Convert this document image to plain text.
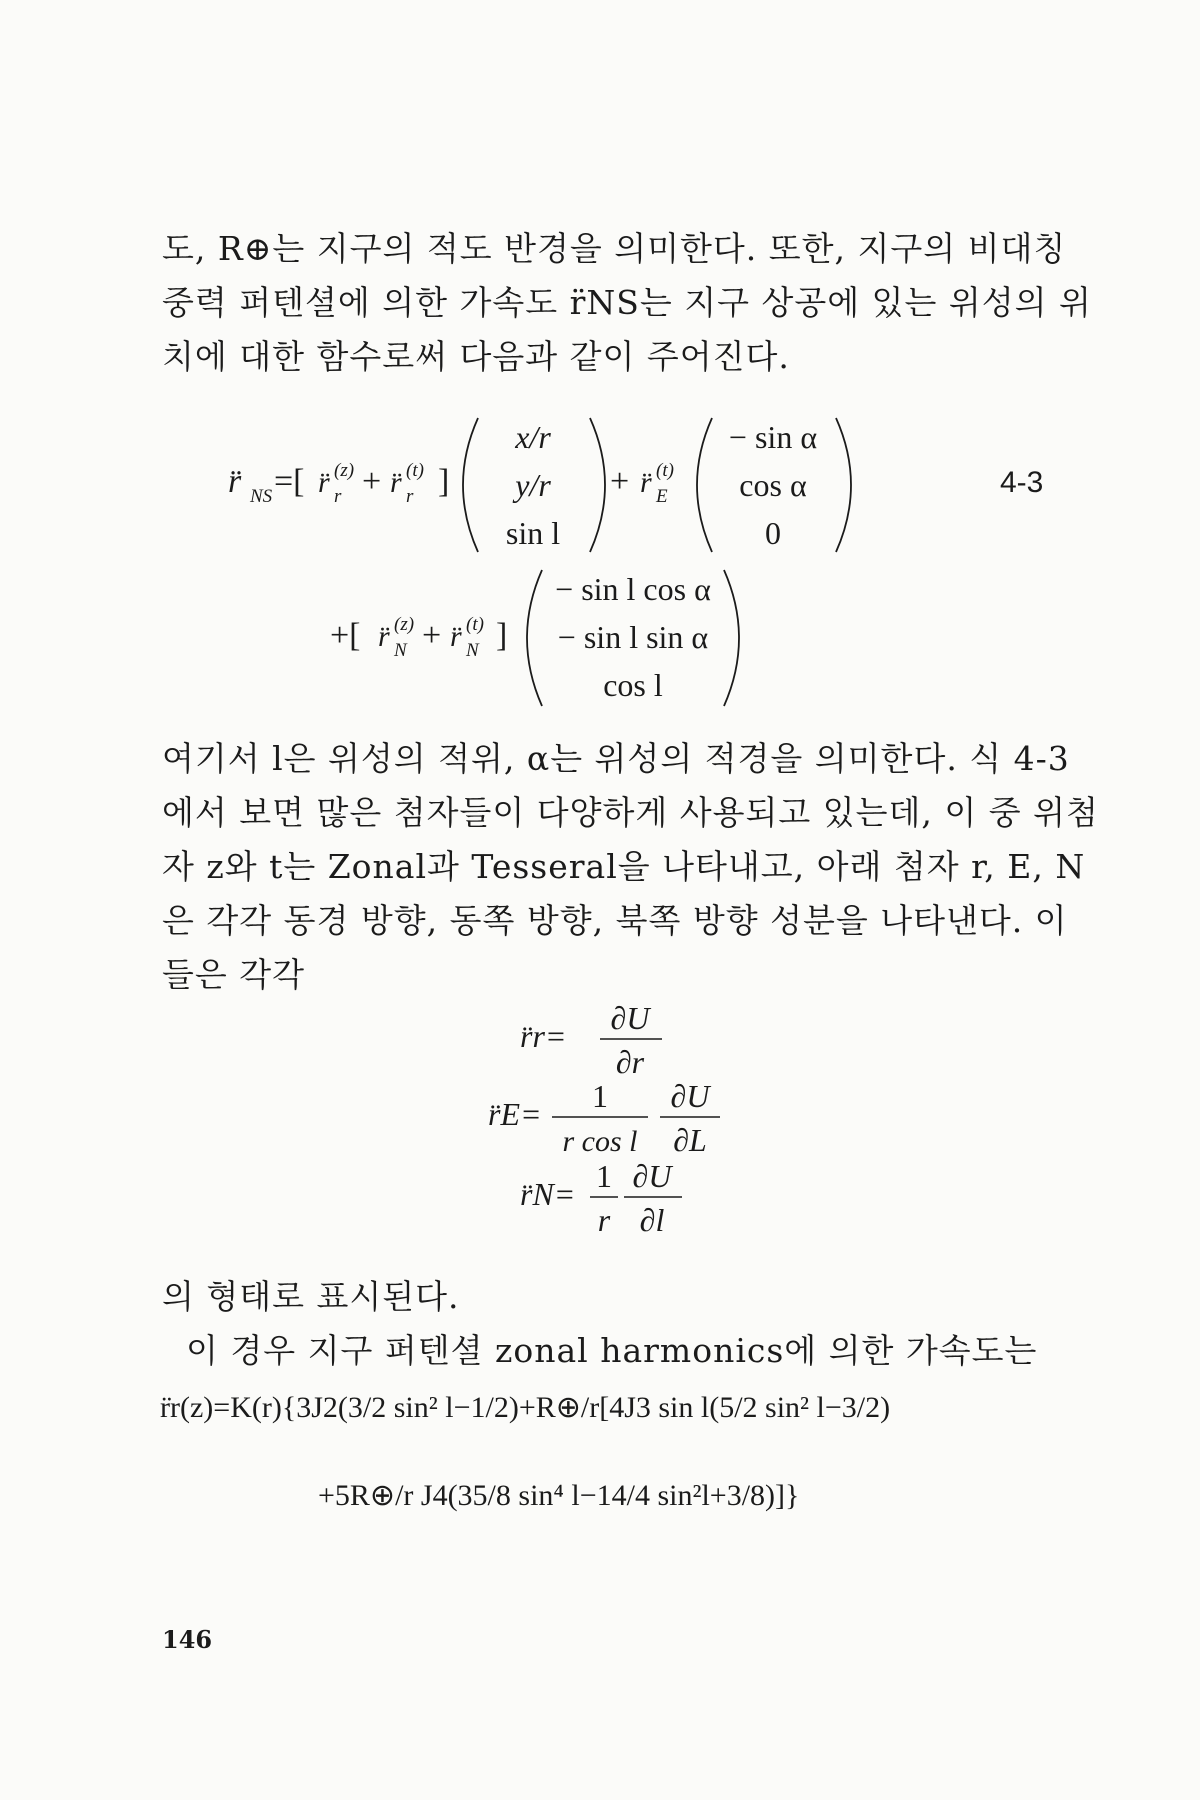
도, R⊕는 지구의 적도 반경을 의미한다. 또한, 지구의 비대칭
중력 퍼텐셜에 의한 가속도 r̈NS는 지구 상공에 있는 위성의 위
치에 대한 함수로써 다음과 같이 주어진다.
r̈ NS =[ r̈ (z)
r + r̈ (t)
r ]
x/r
y/r
sin l
+ r̈ (t)
E
− sin α
cos α
0
4-3
+[ r̈ (z)
N + r̈ (t)
N ]
− sin l cos α
− sin l sin α
cos l
여기서 l은 위성의 적위, α는 위성의 적경을 의미한다. 식 4-3
에서 보면 많은 첨자들이 다양하게 사용되고 있는데, 이 중 위첨
자 z와 t는 Zonal과 Tesseral을 나타내고, 아래 첨자 r, E, N
은 각각 동경 방향, 동쪽 방향, 북쪽 방향 성분을 나타낸다. 이
들은 각각
r̈r= ∂U
∂r
r̈E= 1
r cos l
∂U
∂L
r̈N= 1
r
∂U
∂l
의 형태로 표시된다.
이 경우 지구 퍼텐셜 zonal harmonics에 의한 가속도는
r̈r(z)=K(r){3J2(3/2 sin² l−1/2)+R⊕/r[4J3 sin l(5/2 sin² l−3/2)
+5R⊕/r J4(35/8 sin⁴ l−14/4 sin²l+3/8)]}
146
